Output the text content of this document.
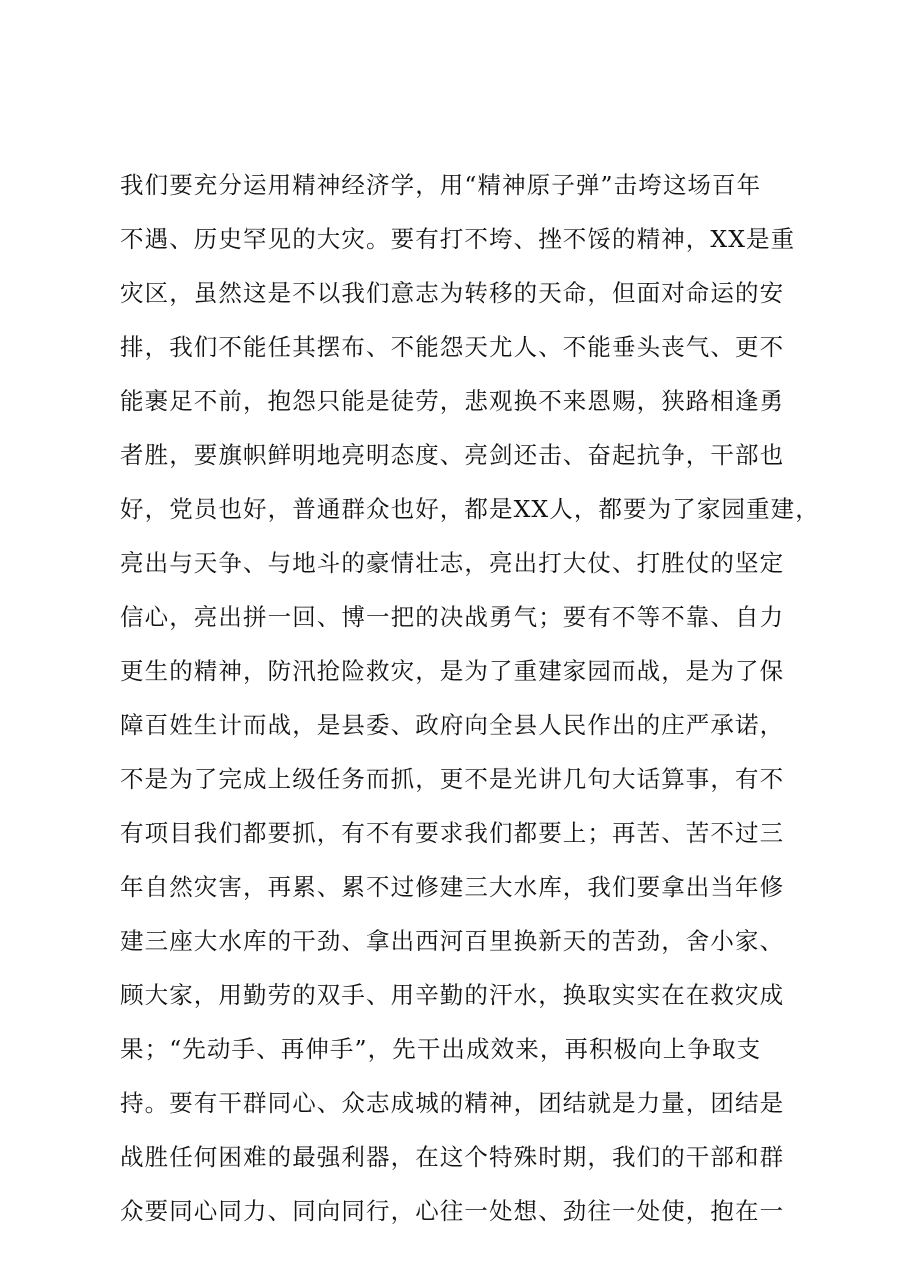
我们要充分运用精神经济学，用“精神原子弹”击垮这场百年
不遇、历史罕见的大灾。要有打不垮、挫不馁的精神，XX是重
灾区，虽然这是不以我们意志为转移的天命，但面对命运的安
排，我们不能任其摆布、不能怨天尤人、不能垂头丧气、更不
能裹足不前，抱怨只能是徒劳，悲观换不来恩赐，狭路相逢勇
者胜，要旗帜鲜明地亮明态度、亮剑还击、奋起抗争，干部也
好，党员也好，普通群众也好，都是XX人，都要为了家园重建，
亮出与天争、与地斗的豪情壮志，亮出打大仗、打胜仗的坚定
信心，亮出拼一回、博一把的决战勇气；要有不等不靠、自力
更生的精神，防汛抢险救灾，是为了重建家园而战，是为了保
障百姓生计而战，是县委、政府向全县人民作出的庄严承诺，
不是为了完成上级任务而抓，更不是光讲几句大话算事，有不
有项目我们都要抓，有不有要求我们都要上；再苦、苦不过三
年自然灾害，再累、累不过修建三大水库，我们要拿出当年修
建三座大水库的干劲、拿出西河百里换新天的苦劲，舍小家、
顾大家，用勤劳的双手、用辛勤的汗水，换取实实在在救灾成
果；“先动手、再伸手”，先干出成效来，再积极向上争取支
持。要有干群同心、众志成城的精神，团结就是力量，团结是
战胜任何困难的最强利器，在这个特殊时期，我们的干部和群
众要同心同力、同向同行，心往一处想、劲往一处使，抱在一
